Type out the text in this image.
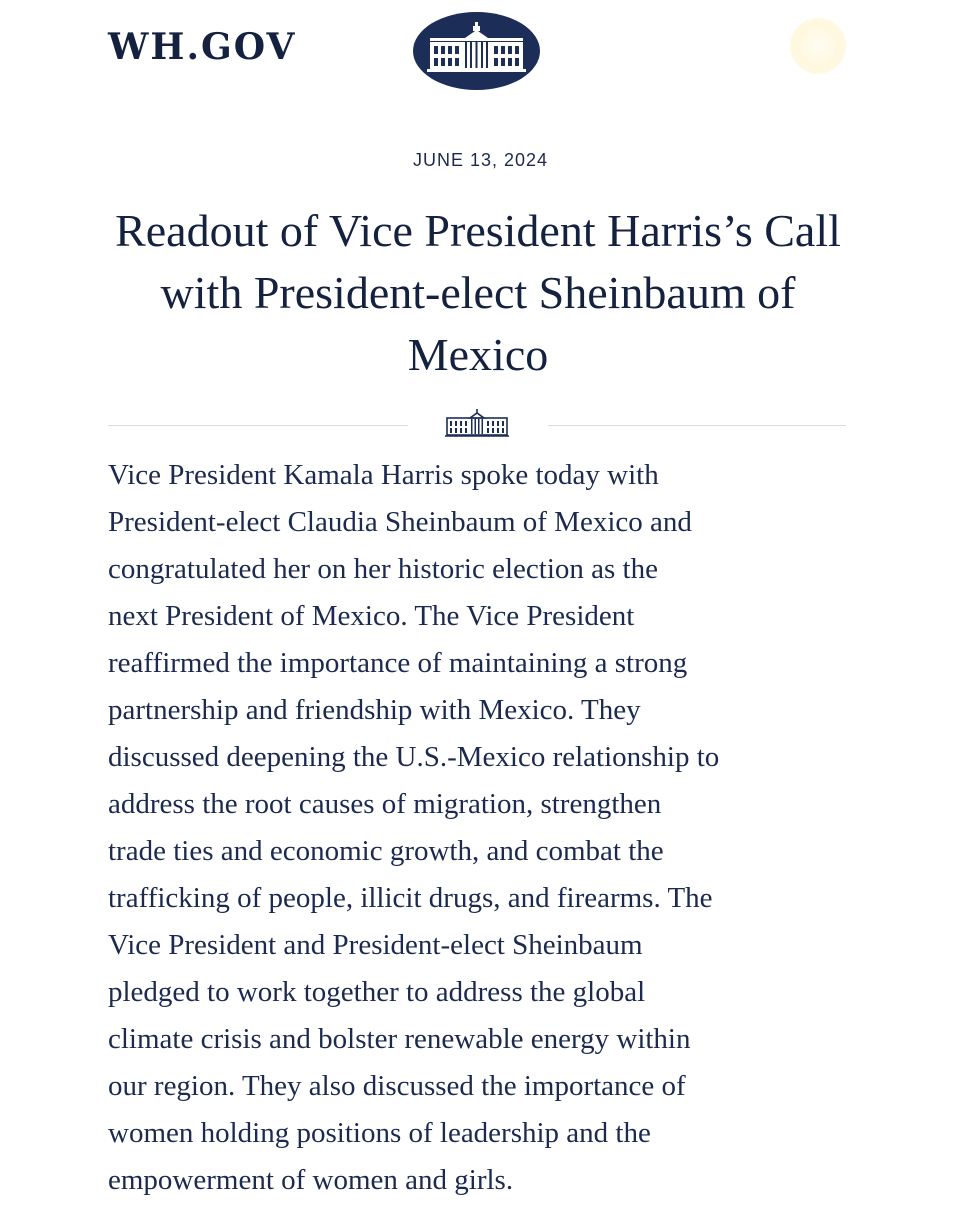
WH.GOV
JUNE 13, 2024
Readout of Vice President Harris’s Call with President-elect Sheinbaum of Mexico

Vice President Kamala Harris spoke today with
President-elect Claudia Sheinbaum of Mexico and
congratulated her on her historic election as the
next President of Mexico. The Vice President
reaffirmed the importance of maintaining a strong
partnership and friendship with Mexico. They
discussed deepening the U.S.-Mexico relationship to
address the root causes of migration, strengthen
trade ties and economic growth, and combat the
trafficking of people, illicit drugs, and firearms. The
Vice President and President-elect Sheinbaum
pledged to work together to address the global
climate crisis and bolster renewable energy within
our region. They also discussed the importance of
women holding positions of leadership and the
empowerment of women and girls.
